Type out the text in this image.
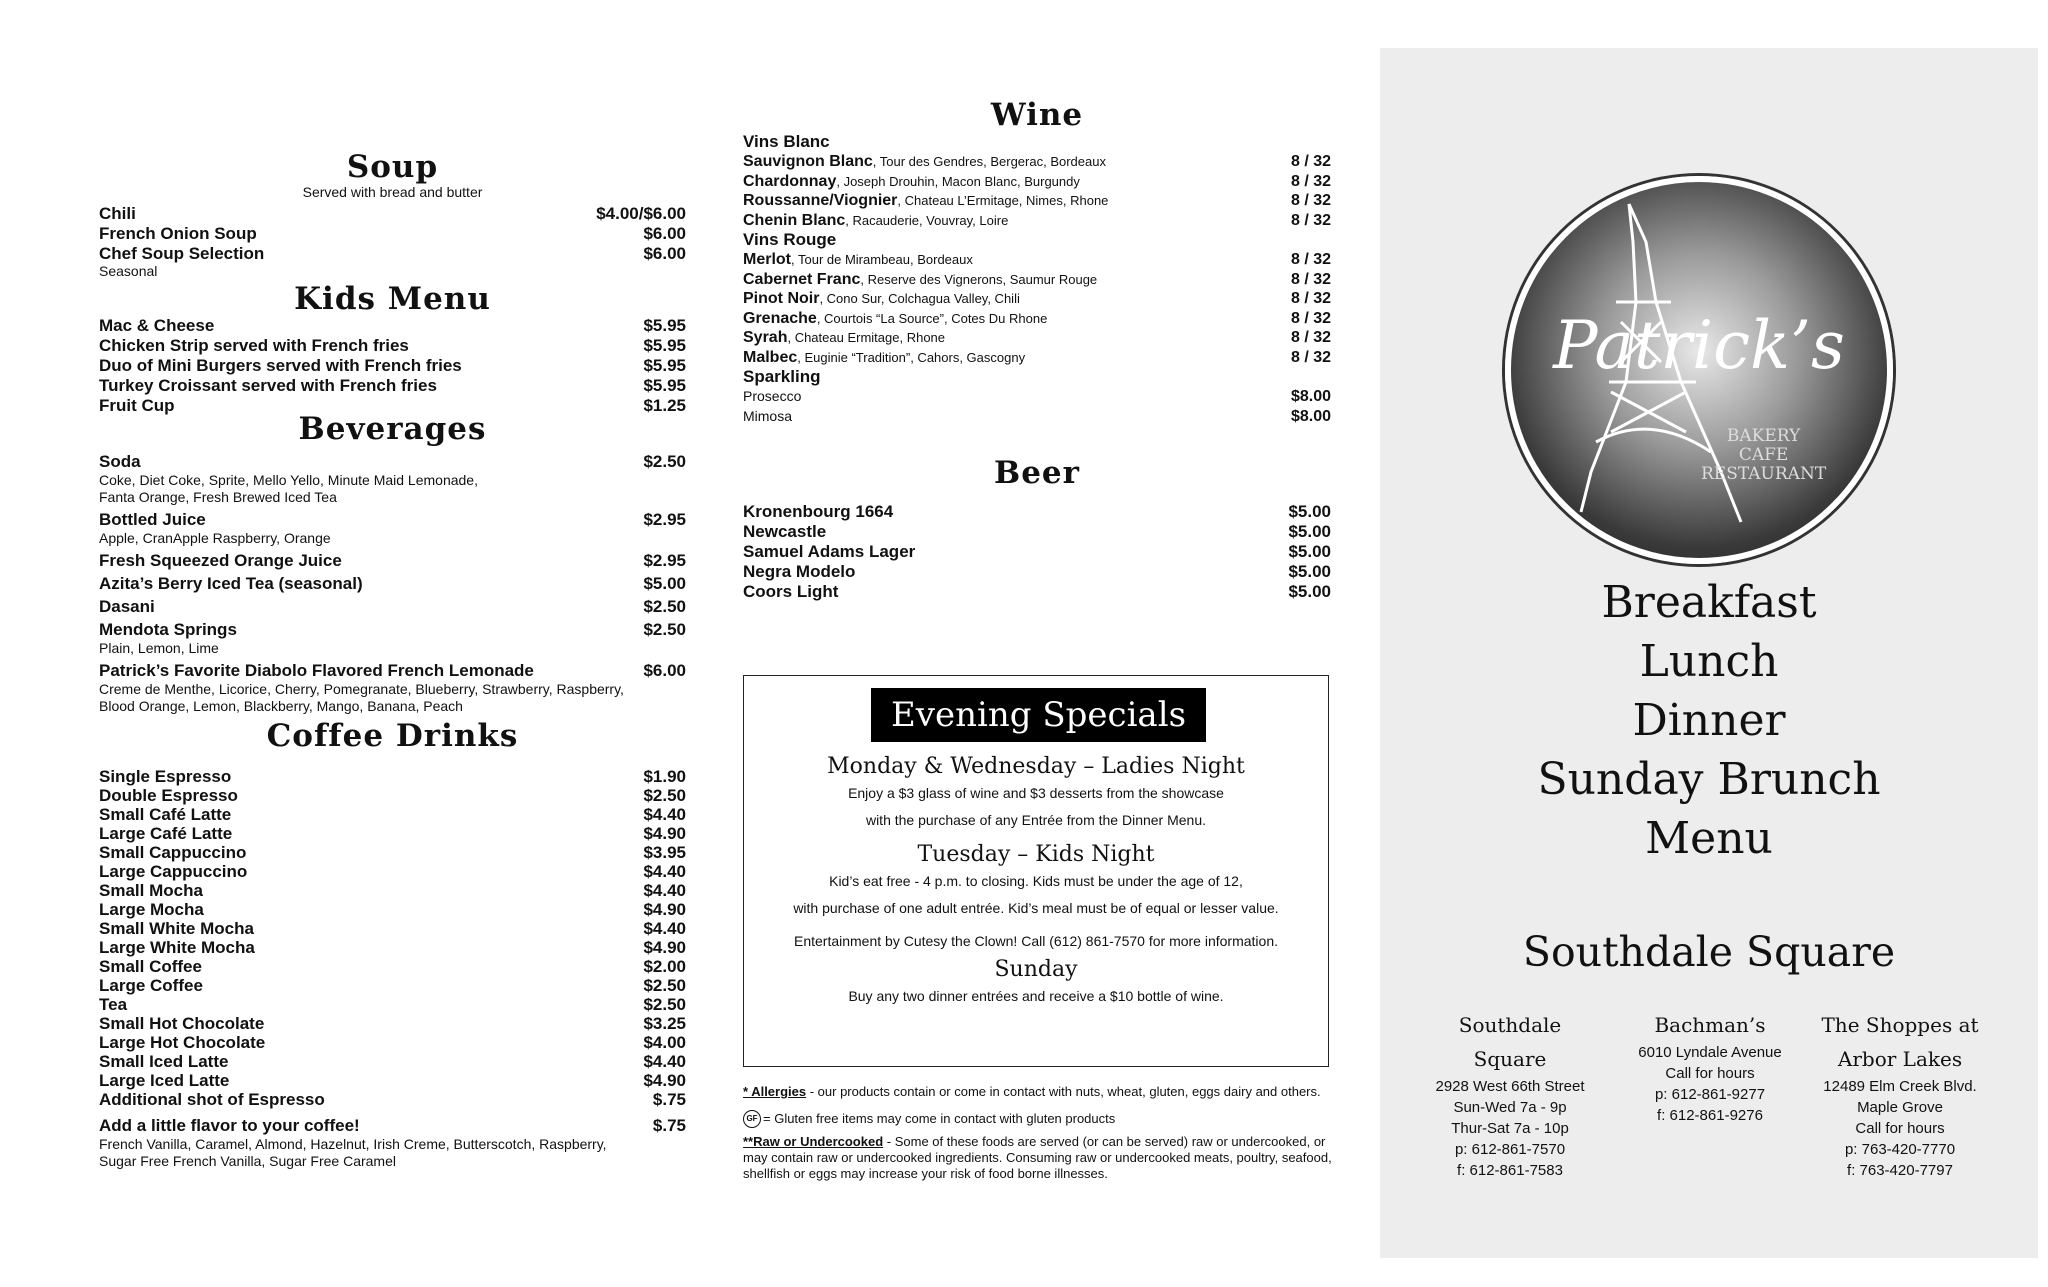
Soup
Served with bread and butter
Chili	$4.00/$6.00
French Onion Soup	$6.00
Chef Soup Selection	$6.00
Seasonal
Kids Menu
Mac & Cheese	$5.95
Chicken Strip served with French fries	$5.95
Duo of Mini Burgers served with French fries	$5.95
Turkey Croissant served with French fries	$5.95
Fruit Cup	$1.25
Beverages
Soda	$2.50
Coke, Diet Coke, Sprite, Mello Yello, Minute Maid Lemonade,
Fanta Orange, Fresh Brewed Iced Tea
Bottled Juice	$2.95
Apple, CranApple Raspberry, Orange
Fresh Squeezed Orange Juice	$2.95
Azita’s Berry Iced Tea (seasonal)	$5.00
Dasani	$2.50
Mendota Springs	$2.50
Plain, Lemon, Lime
Patrick’s Favorite Diabolo Flavored French Lemonade	$6.00
Creme de Menthe, Licorice, Cherry, Pomegranate, Blueberry, Strawberry, Raspberry,
Blood Orange, Lemon, Blackberry, Mango, Banana, Peach
Coffee Drinks
Single Espresso	$1.90
Double Espresso	$2.50
Small Café Latte	$4.40
Large Café Latte	$4.90
Small Cappuccino	$3.95
Large Cappuccino	$4.40
Small Mocha	$4.40
Large Mocha	$4.90
Small White Mocha	$4.40
Large White Mocha	$4.90
Small Coffee	$2.00
Large Coffee	$2.50
Tea	$2.50
Small Hot Chocolate	$3.25
Large Hot Chocolate	$4.00
Small Iced Latte	$4.40
Large Iced Latte	$4.90
Additional shot of Espresso	$.75
Add a little flavor to your coffee!	$.75
French Vanilla, Caramel, Almond, Hazelnut, Irish Creme, Butterscotch, Raspberry,
Sugar Free French Vanilla, Sugar Free Caramel
Wine
Vins Blanc
Sauvignon Blanc, Tour des Gendres, Bergerac, Bordeaux	8 / 32
Chardonnay, Joseph Drouhin, Macon Blanc, Burgundy	8 / 32
Roussanne/Viognier, Chateau L’Ermitage, Nimes, Rhone	8 / 32
Chenin Blanc, Racauderie, Vouvray, Loire	8 / 32
Vins Rouge
Merlot, Tour de Mirambeau, Bordeaux	8 / 32
Cabernet Franc, Reserve des Vignerons, Saumur Rouge	8 / 32
Pinot Noir, Cono Sur, Colchagua Valley, Chili	8 / 32
Grenache, Courtois “La Source”, Cotes Du Rhone	8 / 32
Syrah, Chateau Ermitage, Rhone	8 / 32
Malbec, Euginie “Tradition”, Cahors, Gascogny	8 / 32
Sparkling
Prosecco	$8.00
Mimosa	$8.00
Beer
Kronenbourg 1664	$5.00
Newcastle	$5.00
Samuel Adams Lager	$5.00
Negra Modelo	$5.00
Coors Light	$5.00
Evening Specials
Monday & Wednesday – Ladies Night
Enjoy a $3 glass of wine and $3 desserts from the showcase
with the purchase of any Entrée from the Dinner Menu.
Tuesday – Kids Night
Kid’s eat free - 4 p.m. to closing. Kids must be under the age of 12,
with purchase of one adult entrée. Kid’s meal must be of equal or lesser value.
Entertainment by Cutesy the Clown! Call (612) 861-7570 for more information.
Sunday
Buy any two dinner entrées and receive a $10 bottle of wine.
* Allergies - our products contain or come in contact with nuts, wheat, gluten, eggs dairy and others.
GF = Gluten free items may come in contact with gluten products
**Raw or Undercooked - Some of these foods are served (or can be served) raw or undercooked, or may contain raw or undercooked ingredients. Consuming raw or undercooked meats, poultry, seafood, shellfish or eggs may increase your risk of food borne illnesses.
Patrick’s
BAKERY
CAFE
RESTAURANT
Breakfast
Lunch
Dinner
Sunday Brunch
Menu
Southdale Square
Southdale
Square
2928 West 66th Street
Sun-Wed 7a - 9p
Thur-Sat 7a - 10p
p: 612-861-7570
f: 612-861-7583
Bachman’s
6010 Lyndale Avenue
Call for hours
p: 612-861-9277
f: 612-861-9276
The Shoppes at
Arbor Lakes
12489 Elm Creek Blvd.
Maple Grove
Call for hours
p: 763-420-7770
f: 763-420-7797
